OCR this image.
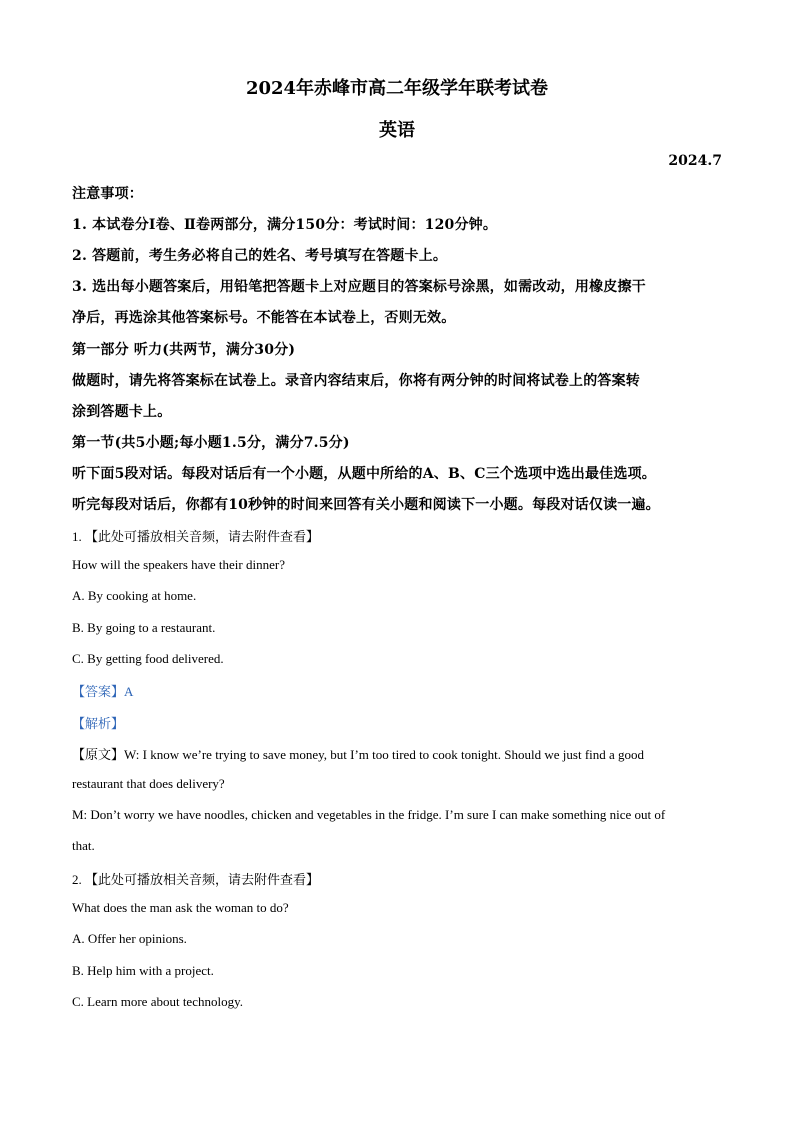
2024年赤峰市高二年级学年联考试卷
英语
2024.7
注意事项：
1. 本试卷分Ⅰ卷、Ⅱ卷两部分，满分150分：考试时间：120分钟。
2. 答题前，考生务必将自己的姓名、考号填写在答题卡上。
3. 选出每小题答案后，用铅笔把答题卡上对应题目的答案标号涂黑，如需改动，用橡皮擦干
净后，再选涂其他答案标号。不能答在本试卷上，否则无效。
第一部分 听力(共两节，满分30分)
做题时，请先将答案标在试卷上。录音内容结束后，你将有两分钟的时间将试卷上的答案转
涂到答题卡上。
第一节(共5小题;每小题1.5分，满分7.5分)
听下面5段对话。每段对话后有一个小题，从题中所给的A、B、C三个选项中选出最佳选项。
听完每段对话后，你都有10秒钟的时间来回答有关小题和阅读下一小题。每段对话仅读一遍。
1. 【此处可播放相关音频，请去附件查看】
How will the speakers have their dinner?
A. By cooking at home.
B. By going to a restaurant.
C. By getting food delivered.
【答案】A
【解析】
【原文】W: I know we’re trying to save money, but I’m too tired to cook tonight. Should we just find a good
restaurant that does delivery?
M: Don’t worry we have noodles, chicken and vegetables in the fridge. I’m sure I can make something nice out of
that.
2. 【此处可播放相关音频，请去附件查看】
What does the man ask the woman to do?
A. Offer her opinions.
B. Help him with a project.
C. Learn more about technology.
